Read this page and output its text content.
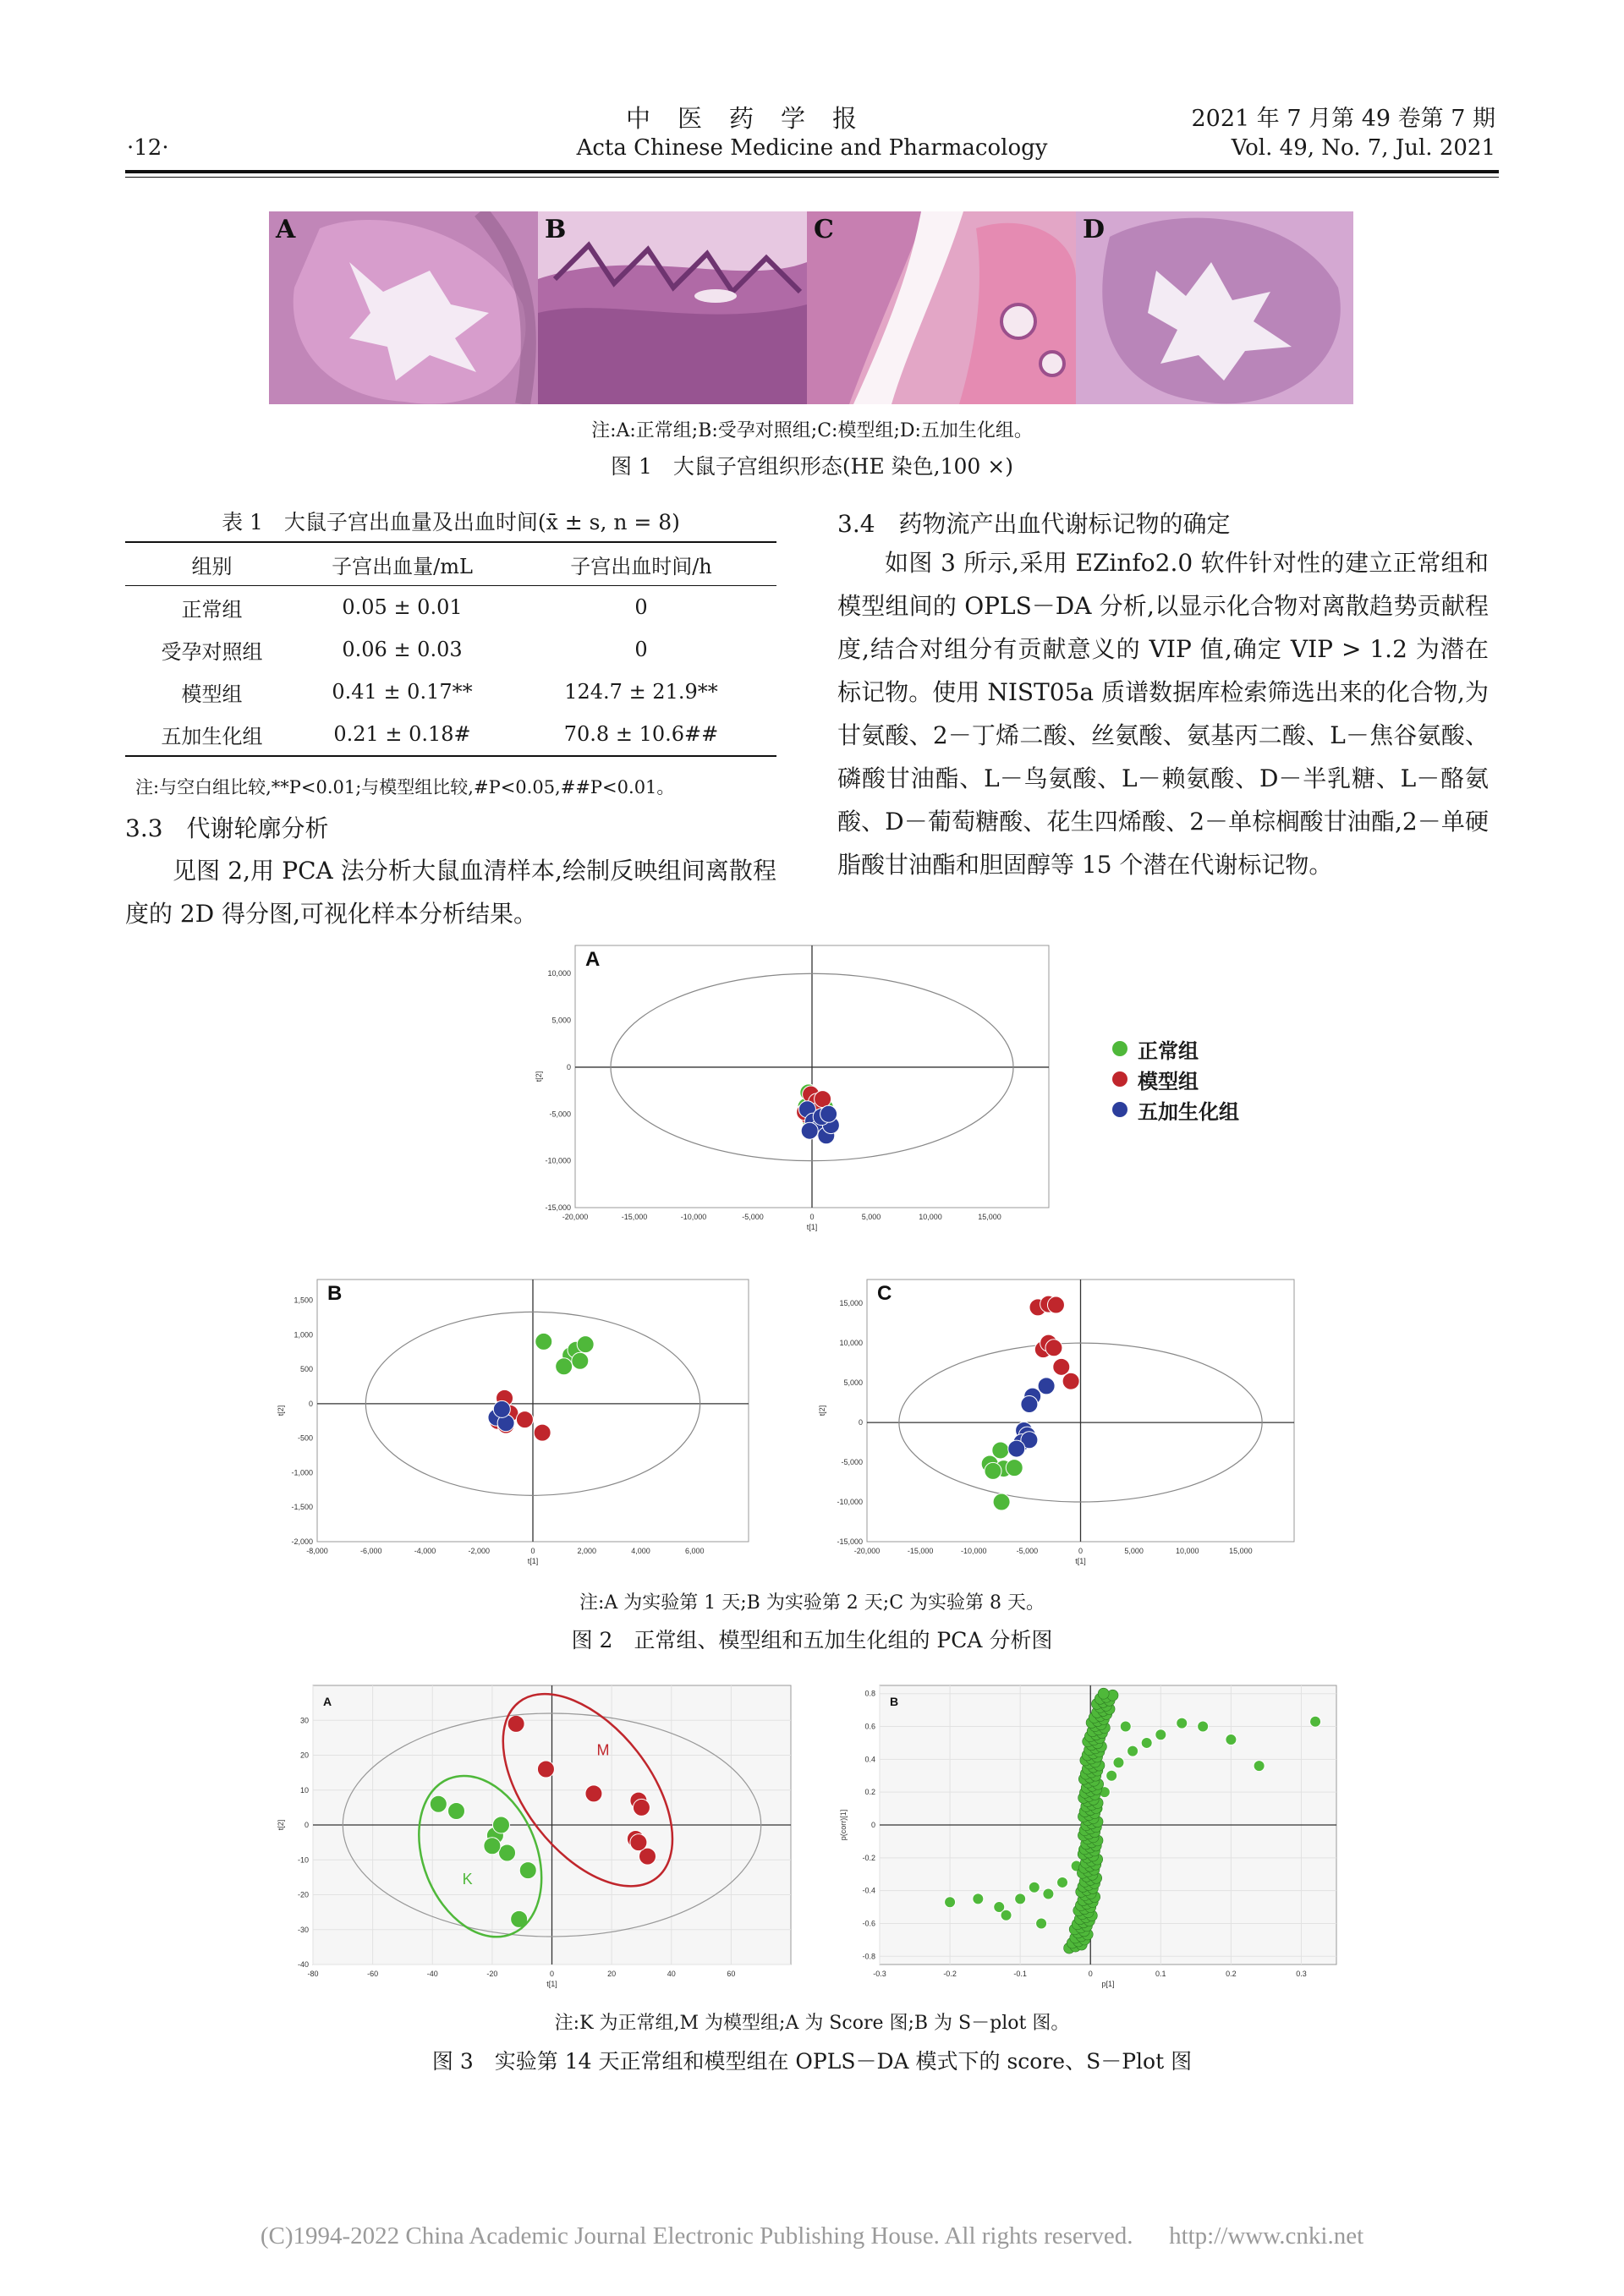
中医药学报	2021 年 7 月第 49 卷第 7 期
·12·	Acta Chinese Medicine and Pharmacology	Vol. 49, No. 7, Jul. 2021
A	B	C	D
注:A:正常组;B:受孕对照组;C:模型组;D:五加生化组。
图 1　大鼠子宫组织形态(HE 染色,100 ×)
表 1　大鼠子宫出血量及出血时间(x̄ ± s, n = 8)
组别	子宫出血量/mL	子宫出血时间/h
正常组	0.05 ± 0.01	0
受孕对照组	0.06 ± 0.03	0
模型组	0.41 ± 0.17**	124.7 ± 21.9**
五加生化组	0.21 ± 0.18#	70.8 ± 10.6##
注:与空白组比较,**P<0.01;与模型组比较,#P<0.05,##P<0.01。
3.3　代谢轮廓分析

见图 2,用 PCA 法分析大鼠血清样本,绘制反映组间离散程度的 2D 得分图,可视化样本分析结果。

3.4　药物流产出血代谢标记物的确定

如图 3 所示,采用 EZinfo2.0 软件针对性的建立正常组和模型组间的 OPLS－DA 分析,以显示化合物对离散趋势贡献程度,结合对组分有贡献意义的 VIP 值,确定 VIP > 1.2 为潜在标记物。使用 NIST05a 质谱数据库检索筛选出来的化合物,为甘氨酸、2－丁烯二酸、丝氨酸、氨基丙二酸、L－焦谷氨酸、磷酸甘油酯、L－鸟氨酸、L－赖氨酸、D－半乳糖、L－酪氨酸、D－葡萄糖酸、花生四烯酸、2－单棕榈酸甘油酯,2－单硬脂酸甘油酯和胆固醇等 15 个潜在代谢标记物。

-20,000	-15,000	-10,000	-5,000	0	5,000	10,000	15,000
-15,000
-10,000
-5,000
0
5,000
10,000
t[1]
t[2]
A
-8,000	-6,000	-4,000	-2,000	0	2,000	4,000	6,000
-2,000
-1,500
-1,000
-500
0
500
1,000
1,500
t[1]
t[2]
B
-20,000	-15,000	-10,000	-5,000	0	5,000	10,000	15,000
-15,000
-10,000
-5,000
0
5,000
10,000
15,000
t[1]
t[2]
C
正常组
模型组
五加生化组
注:A 为实验第 1 天;B 为实验第 2 天;C 为实验第 8 天。
图 2　正常组、模型组和五加生化组的 PCA 分析图
-80	-60	-40	-20	0	20	40	60
-40
-30
-20
-10
0
10
20
30
t[1]
t[2]
A
K
M
-0.3	-0.2	-0.1	0	0.1	0.2	0.3
-0.8
-0.6
-0.4
-0.2
0
0.2
0.4
0.6
0.8
p[1]
p(corr)[1]
B
注:K 为正常组,M 为模型组;A 为 Score 图;B 为 S－plot 图。
图 3　实验第 14 天正常组和模型组在 OPLS－DA 模式下的 score、S－Plot 图
(C)1994-2022 China Academic Journal Electronic Publishing House. All rights reserved. http://www.cnki.net
